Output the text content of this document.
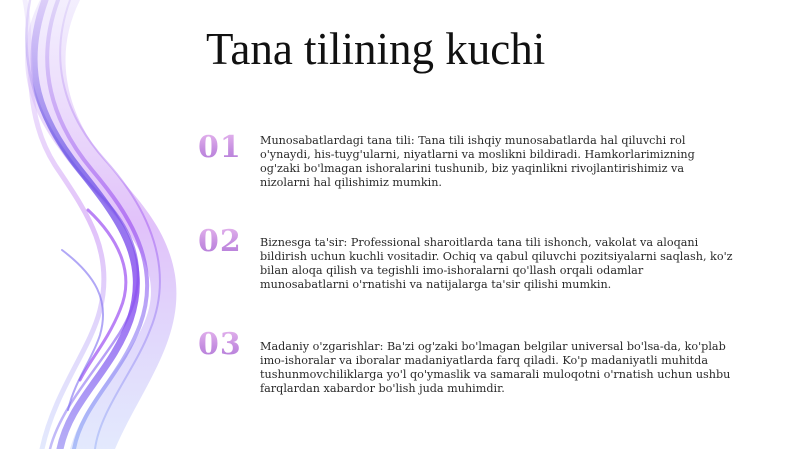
Tana tilining kuchi
01 Munosabatlardagi tana tili: Tana tili ishqiy munosabatlarda hal qiluvchi rol o'ynaydi, his-tuyg'ularni, niyatlarni va moslikni bildiradi. Hamkorlarimizning og'zaki bo'lmagan ishoralarini tushunib, biz yaqinlikni rivojlantirishimiz va nizolarni hal qilishimiz mumkin.

02 Biznesga ta'sir: Professional sharoitlarda tana tili ishonch, vakolat va aloqani bildirish uchun kuchli vositadir. Ochiq va qabul qiluvchi pozitsiyalarni saqlash, ko'z bilan aloqa qilish va tegishli imo-ishoralarni qo'llash orqali odamlar munosabatlarni o'rnatishi va natijalarga ta'sir qilishi mumkin.

03 Madaniy o'zgarishlar: Ba'zi og'zaki bo'lmagan belgilar universal bo'lsa-da, ko'plab imo-ishoralar va iboralar madaniyatlarda farq qiladi. Ko'p madaniyatli muhitda tushunmovchiliklarga yo'l qo'ymaslik va samarali muloqotni o'rnatish uchun ushbu farqlardan xabardor bo'lish juda muhimdir.
